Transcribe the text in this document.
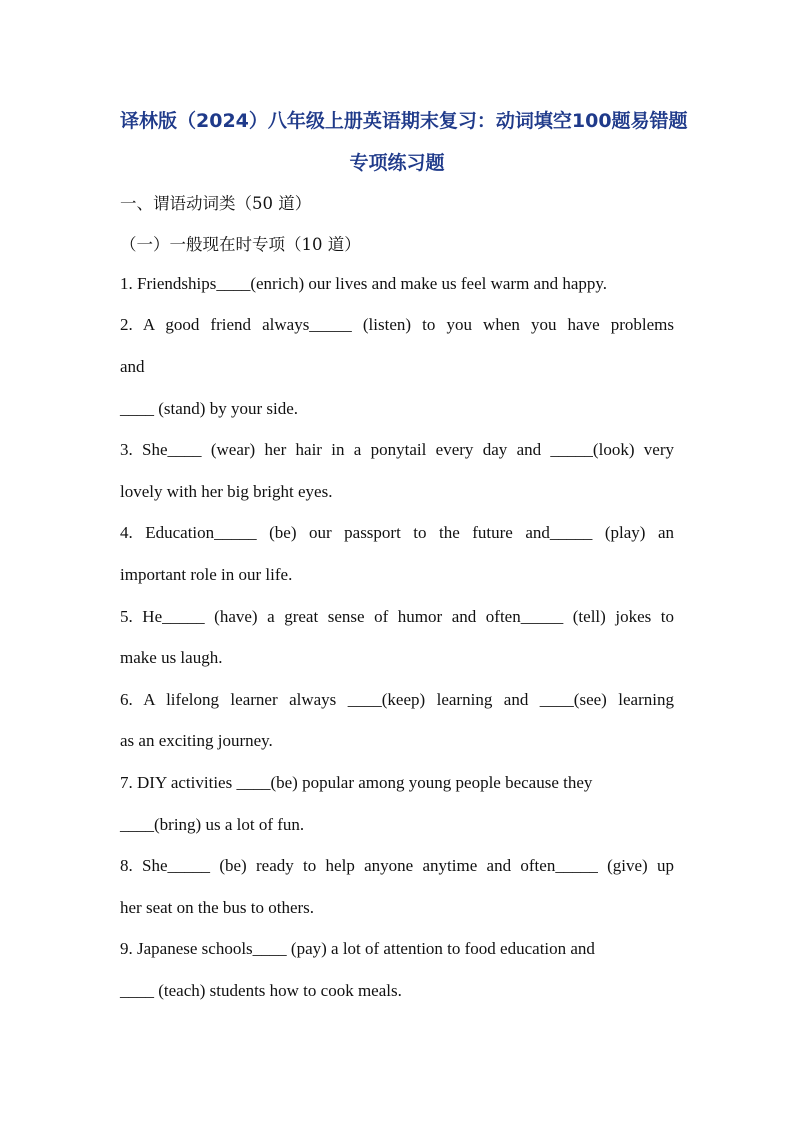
译林版（2024）八年级上册英语期末复习：动词填空100题易错题
专项练习题
一、谓语动词类（50 道）
（一）一般现在时专项（10 道）
1. Friendships____(enrich) our lives and make us feel warm and happy.
2. A good friend always_____ (listen) to you when you have problems
and
____ (stand) by your side.
3. She____ (wear) her hair in a ponytail every day and _____(look) very
lovely with her big bright eyes.
4. Education_____ (be) our passport to the future and_____ (play) an
important role in our life.
5. He_____ (have) a great sense of humor and often_____ (tell) jokes to
make us laugh.
6. A lifelong learner always ____(keep) learning and ____(see) learning
as an exciting journey.
7. DIY activities ____(be) popular among young people because they
____(bring) us a lot of fun.
8. She_____ (be) ready to help anyone anytime and often_____ (give) up
her seat on the bus to others.
9. Japanese schools____ (pay) a lot of attention to food education and
____ (teach) students how to cook meals.
